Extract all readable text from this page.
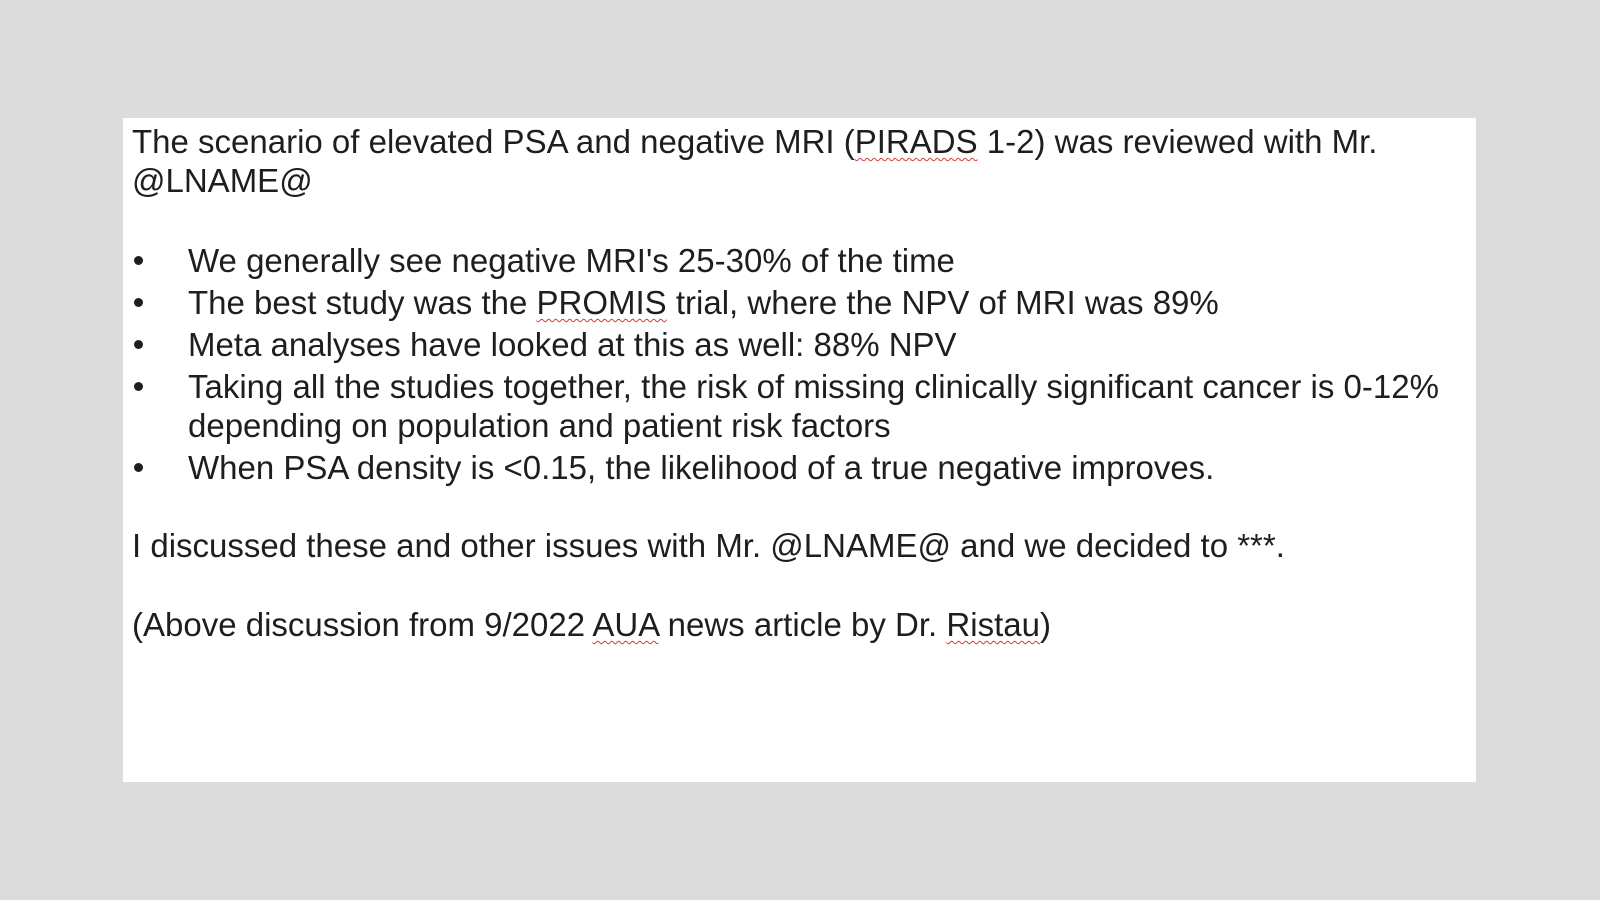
The scenario of elevated PSA and negative MRI (PIRADS 1-2) was reviewed with Mr. @LNAME@

We generally see negative MRI's 25-30% of the time
The best study was the PROMIS trial, where the NPV of MRI was 89%
Meta analyses have looked at this as well: 88% NPV
Taking all the studies together, the risk of missing clinically significant cancer is 0-12% depending on population and patient risk factors
When PSA density is <0.15, the likelihood of a true negative improves.

I discussed these and other issues with Mr. @LNAME@ and we decided to ***.

(Above discussion from 9/2022 AUA news article by Dr. Ristau)
